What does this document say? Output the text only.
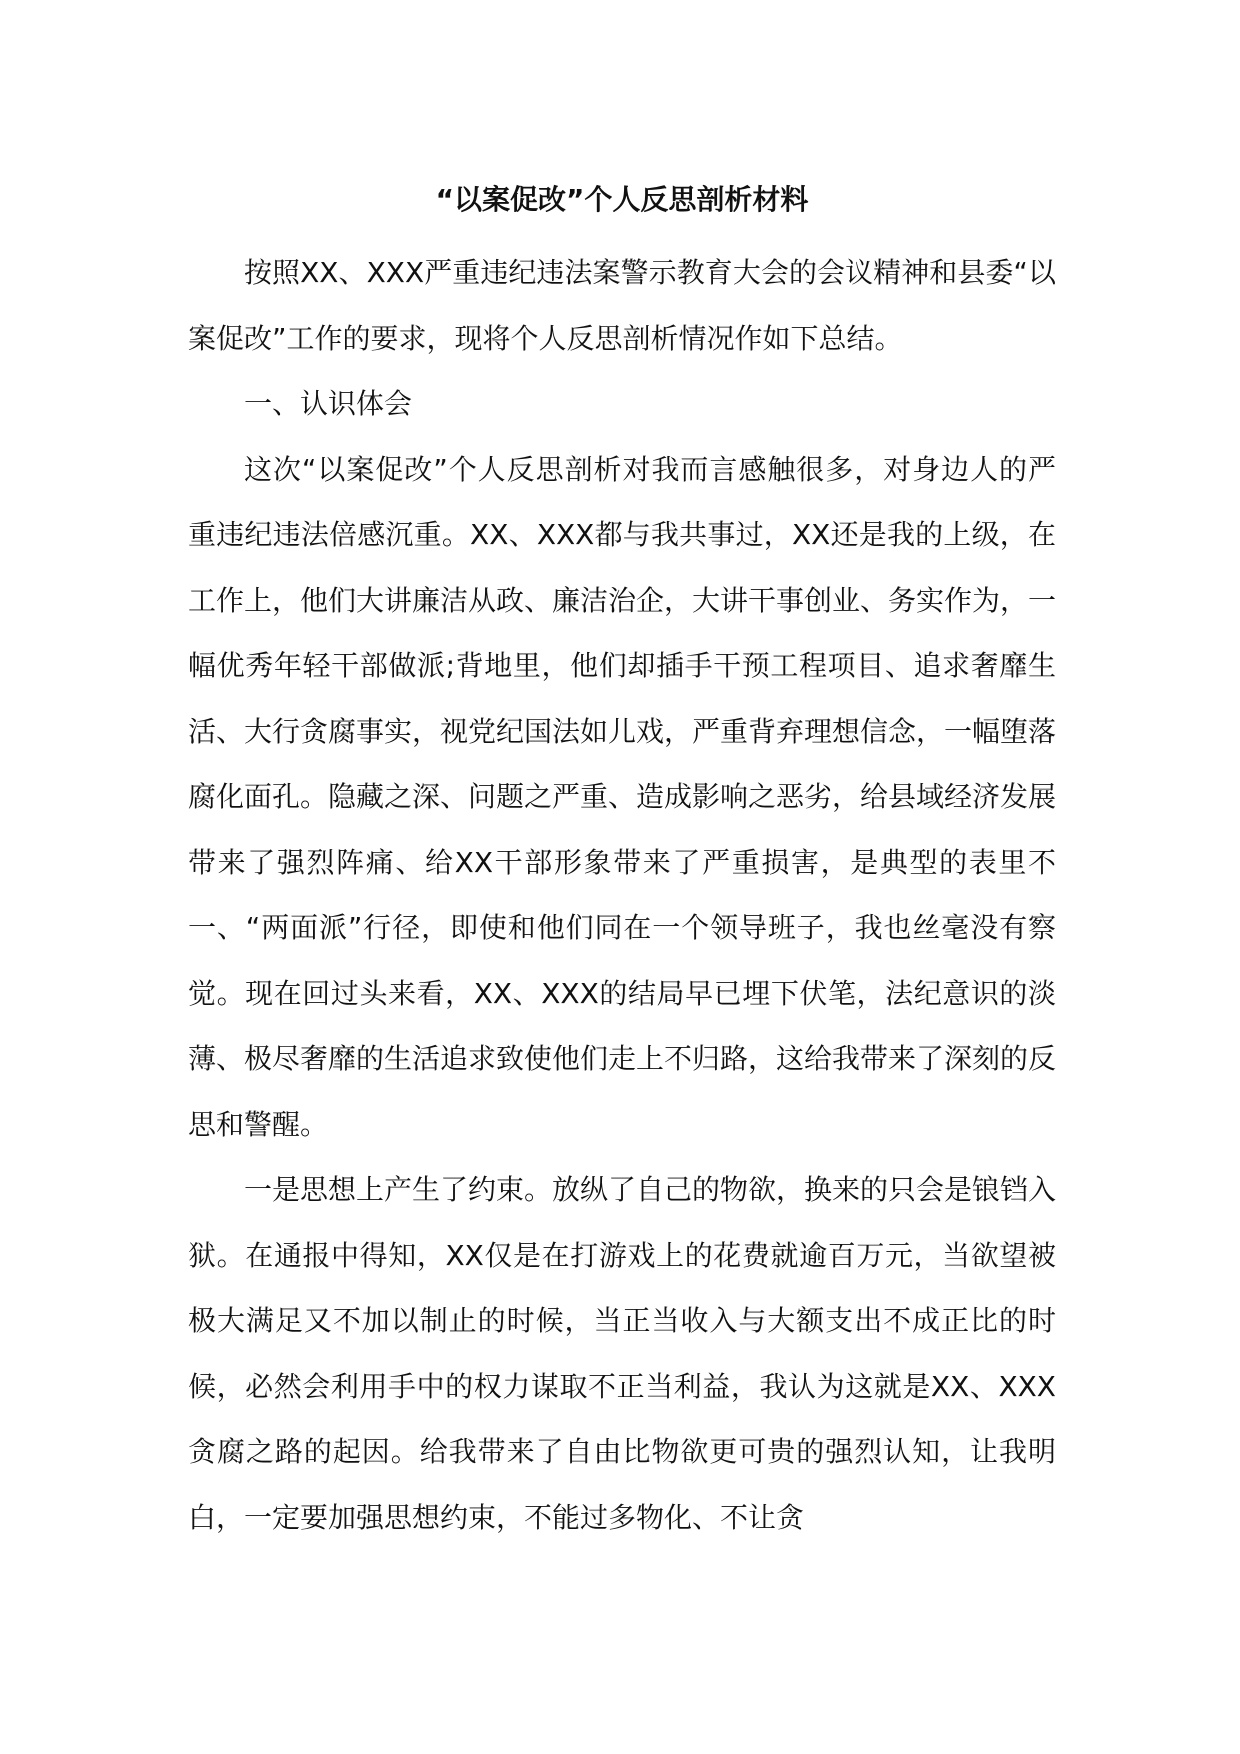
“以案促改”个人反思剖析材料

按照XX、XXX严重违纪违法案警示教育大会的会议精神和县委“以案促改”工作的要求，现将个人反思剖析情况作如下总结。

一、认识体会

这次“以案促改”个人反思剖析对我而言感触很多，对身边人的严重违纪违法倍感沉重。XX、XXX都与我共事过，XX还是我的上级，在工作上，他们大讲廉洁从政、廉洁治企，大讲干事创业、务实作为，一幅优秀年轻干部做派;背地里，他们却插手干预工程项目、追求奢靡生活、大行贪腐事实，视党纪国法如儿戏，严重背弃理想信念，一幅堕落腐化面孔。隐藏之深、问题之严重、造成影响之恶劣，给县域经济发展带来了强烈阵痛、给XX干部形象带来了严重损害，是典型的表里不一、“两面派”行径，即使和他们同在一个领导班子，我也丝毫没有察觉。现在回过头来看，XX、XXX的结局早已埋下伏笔，法纪意识的淡薄、极尽奢靡的生活追求致使他们走上不归路，这给我带来了深刻的反思和警醒。

一是思想上产生了约束。放纵了自己的物欲，换来的只会是锒铛入狱。在通报中得知，XX仅是在打游戏上的花费就逾百万元，当欲望被极大满足又不加以制止的时候，当正当收入与大额支出不成正比的时候，必然会利用手中的权力谋取不正当利益，我认为这就是XX、XXX贪腐之路的起因。给我带来了自由比物欲更可贵的强烈认知，让我明白，一定要加强思想约束，不能过多物化、不让贪
